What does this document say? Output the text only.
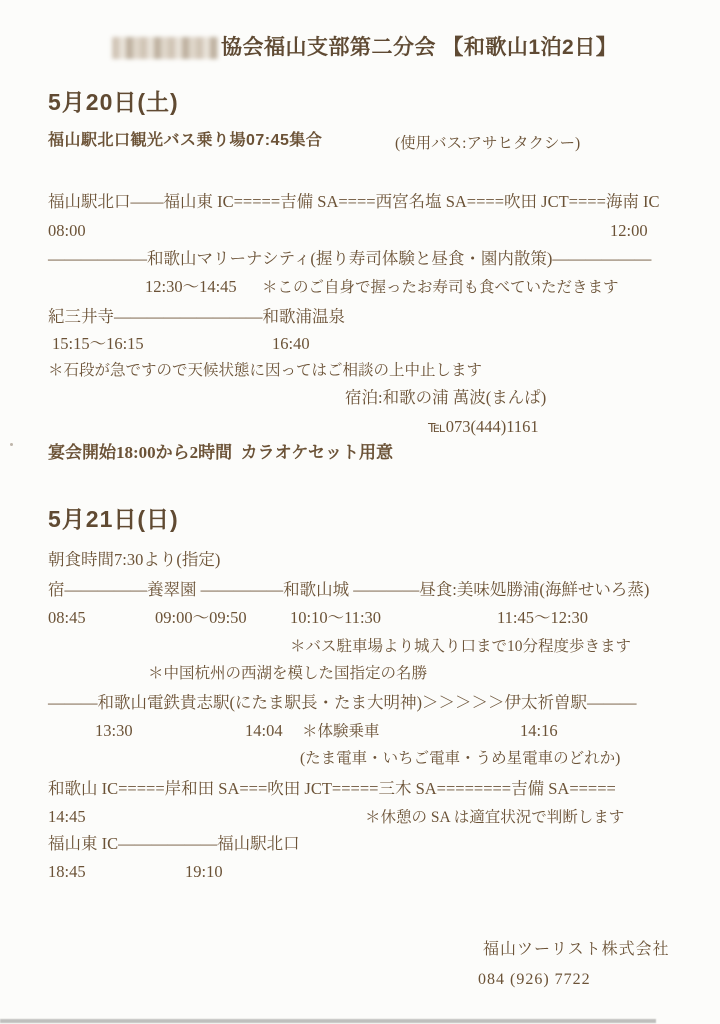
協会福山支部第二分会 【和歌山1泊2日】
5月20日(土)
福山駅北口観光バス乗り場07:45集合	(使用バス:アサヒタクシー)
福山駅北口――福山東 IC=====吉備 SA====西宮名塩 SA====吹田 JCT====海南 IC
08:00	12:00
――――――和歌山マリーナシティ(握り寿司体験と昼食・園内散策)――――――
12:30〜14:45 ＊このご自身で握ったお寿司も食べていただきます
紀三井寺―――――――――和歌浦温泉
15:15〜16:15	16:40
＊石段が急ですので天候状態に因ってはご相談の上中止します
宿泊:和歌の浦 萬波(まんぱ)
℡073(444)1161
宴会開始18:00から2時間  カラオケセット用意
5月21日(日)
朝食時間7:30より(指定)
宿―――――養翠園 ―――――和歌山城 ――――昼食:美味処勝浦(海鮮せいろ蒸)
08:45	09:00〜09:50	10:10〜11:30	11:45〜12:30
＊バス駐車場より城入り口まで10分程度歩きます
＊中国杭州の西湖を模した国指定の名勝
―――和歌山電鉄貴志駅(にたま駅長・たま大明神)＞＞＞＞＞伊太祈曽駅―――
13:30	14:04 ＊体験乗車	14:16
(たま電車・いちご電車・うめ星電車のどれか)
和歌山 IC=====岸和田 SA===吹田 JCT=====三木 SA========吉備 SA=====
14:45	＊休憩の SA は適宜状況で判断します
福山東 IC――――――福山駅北口
18:45	19:10
福山ツーリスト株式会社
084 (926) 7722
